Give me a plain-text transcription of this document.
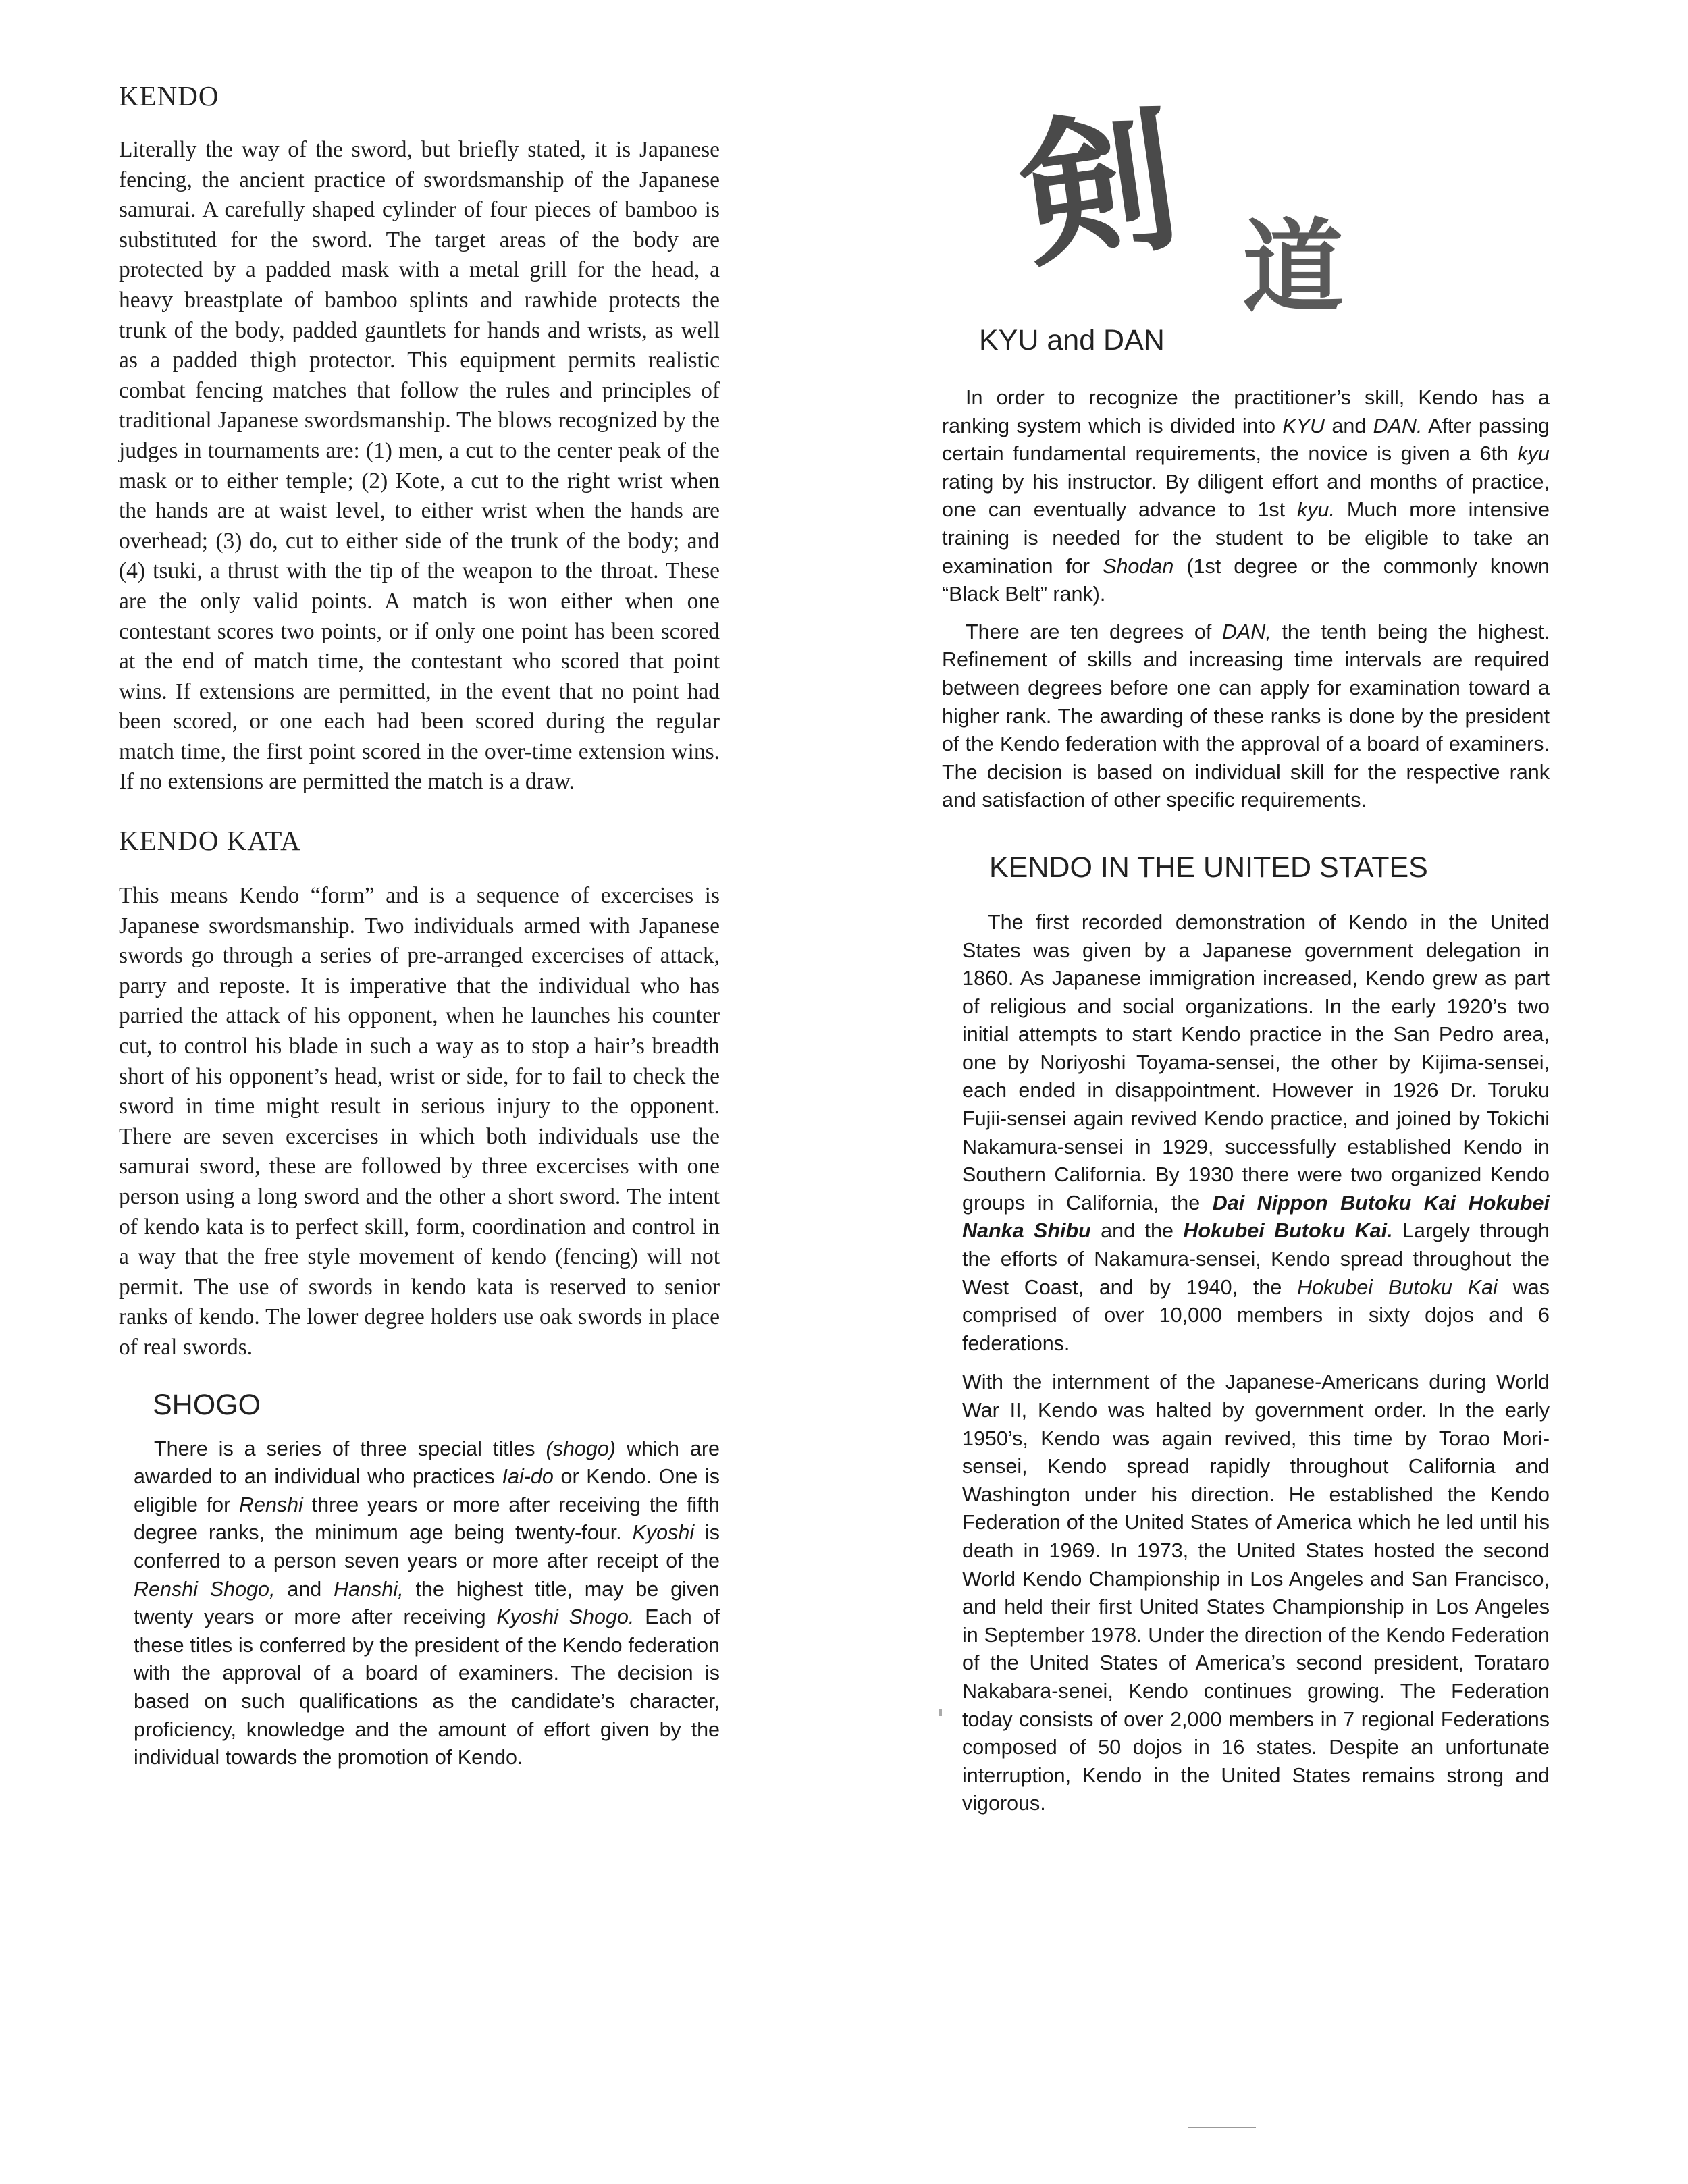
KENDO

Literally the way of the sword, but briefly stated, it is Japanese fencing, the ancient practice of swordsmanship of the Japanese samurai. A carefully shaped cylinder of four pieces of bamboo is substituted for the sword. The target areas of the body are protected by a padded mask with a metal grill for the head, a heavy breastplate of bamboo splints and rawhide protects the trunk of the body, padded gauntlets for hands and wrists, as well as a padded thigh protector. This equipment permits realistic combat fencing matches that follow the rules and principles of traditional Japanese swordsmanship. The blows recognized by the judges in tournaments are: (1) men, a cut to the center peak of the mask or to either temple; (2) Kote, a cut to the right wrist when the hands are at waist level, to either wrist when the hands are overhead; (3) do, cut to either side of the trunk of the body; and (4) tsuki, a thrust with the tip of the weapon to the throat. These are the only valid points. A match is won either when one contestant scores two points, or if only one point has been scored at the end of match time, the contestant who scored that point wins. If extensions are permitted, in the event that no point had been scored, or one each had been scored during the regular match time, the first point scored in the over-time extension wins. If no extensions are permitted the match is a draw.

KENDO KATA

This means Kendo “form” and is a sequence of excercises is Japanese swordsmanship. Two individuals armed with Japanese swords go through a series of pre-arranged excercises of attack, parry and reposte. It is imperative that the individual who has parried the attack of his opponent, when he launches his counter cut, to control his blade in such a way as to stop a hair’s breadth short of his opponent’s head, wrist or side, for to fail to check the sword in time might result in serious injury to the opponent. There are seven excercises in which both individuals use the samurai sword, these are followed by three excercises with one person using a long sword and the other a short sword. The intent of kendo kata is to perfect skill, form, coordination and control in a way that the free style movement of kendo (fencing) will not permit. The use of swords in kendo kata is reserved to senior ranks of kendo. The lower degree holders use oak swords in place of real swords.

SHOGO

There is a series of three special titles (shogo) which are awarded to an individual who practices Iai-do or Kendo. One is eligible for Renshi three years or more after receiving the fifth degree ranks, the minimum age being twenty-four. Kyoshi is conferred to a person seven years or more after receipt of the Renshi Shogo, and Hanshi, the highest title, may be given twenty years or more after receiving Kyoshi Shogo. Each of these titles is conferred by the president of the Kendo federation with the approval of a board of examiners. The decision is based on such qualifications as the candidate’s character, proficiency, knowledge and the amount of effort given by the individual towards the promotion of Kendo.

剣 道
KYU and DAN

In order to recognize the practitioner’s skill, Kendo has a ranking system which is divided into KYU and DAN. After passing certain fundamental requirements, the novice is given a 6th kyu rating by his instructor. By diligent effort and months of practice, one can eventually advance to 1st kyu. Much more intensive training is needed for the student to be eligible to take an examination for Shodan (1st degree or the commonly known “Black Belt” rank).

There are ten degrees of DAN, the tenth being the highest. Refinement of skills and increasing time intervals are required between degrees before one can apply for examination toward a higher rank. The awarding of these ranks is done by the president of the Kendo federation with the approval of a board of examiners. The decision is based on individual skill for the respective rank and satisfaction of other specific requirements.

KENDO IN THE UNITED STATES

The first recorded demonstration of Kendo in the United States was given by a Japanese government delegation in 1860. As Japanese immigration increased, Kendo grew as part of religious and social organizations. In the early 1920’s two initial attempts to start Kendo practice in the San Pedro area, one by Noriyoshi Toyama-sensei, the other by Kijima-sensei, each ended in disappointment. However in 1926 Dr. Toruku Fujii-sensei again revived Kendo practice, and joined by Tokichi Nakamura-sensei in 1929, successfully established Kendo in Southern California. By 1930 there were two organized Kendo groups in California, the Dai Nippon Butoku Kai Hokubei Nanka Shibu and the Hokubei Butoku Kai. Largely through the efforts of Nakamura-sensei, Kendo spread throughout the West Coast, and by 1940, the Hokubei Butoku Kai was comprised of over 10,000 members in sixty dojos and 6 federations.

With the internment of the Japanese-Americans during World War II, Kendo was halted by government order. In the early 1950’s, Kendo was again revived, this time by Torao Mori-sensei, Kendo spread rapidly throughout California and Washington under his direction. He established the Kendo Federation of the United States of America which he led until his death in 1969. In 1973, the United States hosted the second World Kendo Championship in Los Angeles and San Francisco, and held their first United States Championship in Los Angeles in September 1978. Under the direction of the Kendo Federation of the United States of America’s second president, Torataro Nakabara-senei, Kendo continues growing. The Federation today consists of over 2,000 members in 7 regional Federations composed of 50 dojos in 16 states. Despite an unfortunate interruption, Kendo in the United States remains strong and vigorous.
